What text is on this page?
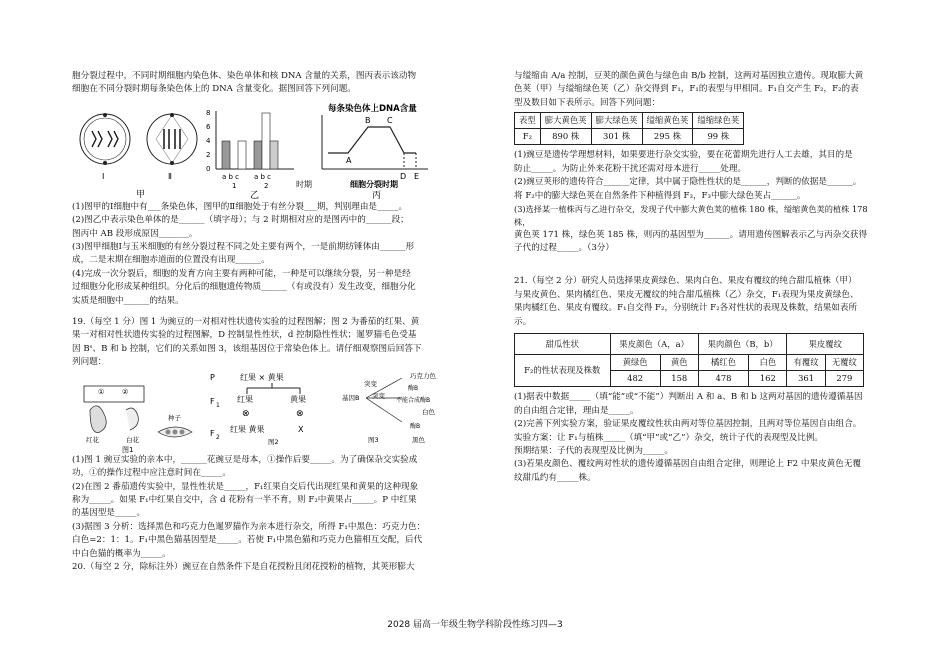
胞分裂过程中，不同时期细胞内染色体、染色单体和核 DNA 含量的关系，图丙表示该动物

细胞在不同分裂时期每条染色体上的 DNA 含量变化。据图回答下列问题。

Ⅰ	Ⅱ
甲
8
6
4
2
0
a b c a b c
1	2	时期
乙
每条染色体上DNA含量
A
B C
D E
细胞分裂时期
丙

(1)图甲的Ⅰ细胞中有___条染色体，图甲的Ⅱ细胞处于有丝分裂___期，判别理由是_____。

(2)图乙中表示染色单体的是______（填字母）；与 2 时期相对应的是图丙中的______段；

图丙中 AB 段形成原因_______。

(3)图甲细胞Ⅰ与玉米细胞的有丝分裂过程不同之处主要有两个，一是前期纺锤体由______形

成，二是末期在细胞赤道面的位置没有出现______。

(4)完成一次分裂后，细胞的发育方向主要有两种可能，一种是可以继续分裂，另一种是经

过细胞分化形成某种组织。分化后的细胞遗传物质______（有或没有）发生改变，细胞分化

实质是细胞中______的结果。

19.（每空 1 分）图 1 为豌豆的一对相对性状遗传实验的过程图解；图 2 为番茄的红果、黄

果一对相对性状遗传实验的过程图解，D 控制显性性状，d 控制隐性性状；暹罗猫毛色受基

因 Bˢ、B 和 b 控制，它们的关系如图 3，该组基因位于常染色体上。请仔细观察图后回答下

列问题：

①	②
红花	白花
种子
图1
P	红果 × 黄果
F 1
红果	黄果
⊗	⊗
F 2
红果 黄果	X
图2
基因B
突变
突变
巧克力色
酶B
不能合成酶B
白色
酶B
黑色
图3

(1)图 1 豌豆实验的亲本中，______花豌豆是母本，①操作后要_____。为了确保杂交实验成

功，①的操作过程中应注意时间在_____。

(2)在图 2 番茄遗传实验中，显性性状是_____，F₁红果自交后代出现红果和黄果的这种现象

称为_____。如果 F₁中红果自交中，含 d 花粉有一半不育，则 F₂中黄果占_____。P 中红果

的基因型是_____。

(3)据图 3 分析：选择黑色和巧克力色暹罗猫作为亲本进行杂交，所得 F₁中黑色：巧克力色：

白色=2：1：1。F₁中黑色猫基因型是_____。若使 F₁中黑色猫和巧克力色猫相互交配，后代

中白色猫的概率为_____。

20.（每空 2 分，除标注外）豌豆在自然条件下是自花授粉且闭花授粉的植物，其荚形膨大

与缢缩由 A/a 控制，豆荚的颜色黄色与绿色由 B/b 控制，这两对基因独立遗传。现取膨大黄

色荚（甲）与缢缩绿色荚（乙）杂交得到 F₁，F₁的表型与甲相同。F₁自交产生 F₂，F₂的表

型及数目如下表所示。回答下列问题：

表型	膨大黄色荚	膨大绿色荚	缢缩黄色荚	缢缩绿色荚
F₂	890 株	301 株	295 株	99 株

(1)豌豆是遗传学理想材料，如果要进行杂交实验，要在花蕾期先进行人工去雄，其目的是

防止_____。为防止外来花粉干扰还需对母本进行_____处理。

(2)豌豆荚形的遗传符合______定律，其中属于隐性性状的是______，判断的依据是______。

将 F₂中的膨大绿色荚在自然条件下种植得到 F₃，F₃中膨大绿色荚占______。

(3)选择某一植株丙与乙进行杂交，发现子代中膨大黄色荚的植株 180 株，缢缩黄色荚的植株 178 株，

黄色荚 171 株，绿色荚 185 株，则丙的基因型为______。请用遗传图解表示乙与丙杂交获得

子代的过程_____。（3分）

21.（每空 2 分）研究人员选择果皮黄绿色、果肉白色、果皮有覆纹的纯合甜瓜植株（甲）

与果皮黄色、果肉橘红色、果皮无覆纹的纯合甜瓜植株（乙）杂交，F₁表现为果皮黄绿色、

果肉橘红色、果皮有覆纹。F₁自交得 F₂，分别统计 F₂各对性状的表现及株数，结果如表所

示。

甜瓜性状	果皮颜色（A，a）		果肉颜色（B，b）		果皮覆纹	
F₂的性状表现及株数	黄绿色	黄色	橘红色	白色	有覆纹	无覆纹
	482	158	478	162	361	279

(1)据表中数据_____（填“能”或“不能”）判断出 A 和 a、B 和 b 这两对基因的遗传遵循基因

的自由组合定律，理由是_____。

(2)完善下列实验方案，验证果皮覆纹性状由两对等位基因控制，且两对等位基因自由组合。

实验方案：让 F₁与植株_____（填“甲”或“乙”）杂交，统计子代的表现型及比例。

预期结果：子代的表现型及比例为_____。

(3)若果皮颜色、覆纹两对性状的遗传遵循基因自由组合定律，则理论上 F2 中果皮黄色无覆

纹甜瓜约有_____株。

2028 届高一年级生物学科阶段性练习四—3
